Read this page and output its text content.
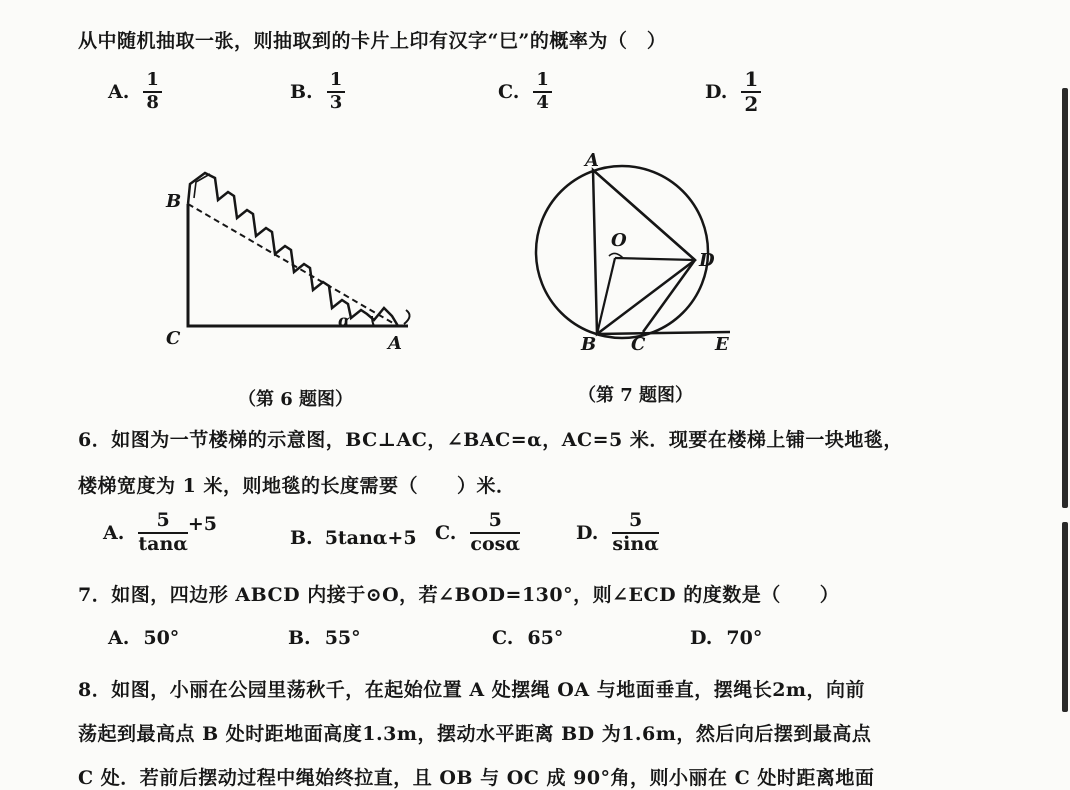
从中随机抽取一张，则抽取到的卡片上印有汉字“巳”的概率为（　）
A. $\frac{1}{8}$	B. $\frac{1}{3}$	C. $\frac{1}{4}$	D. $\frac{1}{2}$
B
C	A
α
A
O
D
B C	E
（第 6 题图）	（第 7 题图）
6．如图为一节楼梯的示意图，BC⊥AC，∠BAC=α，AC=5 米．现要在楼梯上铺一块地毯，
楼梯宽度为 1 米，则地毯的长度需要（　　）米．
A. $\frac{5}{\tan\alpha} +5$
B. 5tanα+5 C. $\frac{5}{\cos\alpha}$	D. $\frac{5}{\sin\alpha}$
7．如图，四边形 ABCD 内接于⊙O，若∠BOD=130°，则∠ECD 的度数是（　　）
A. 50°	B. 55°	C. 65°	D. 70°
8．如图，小丽在公园里荡秋千，在起始位置 A 处摆绳 OA 与地面垂直，摆绳长2m，向前
荡起到最高点 B 处时距地面高度1.3m，摆动水平距离 BD 为1.6m，然后向后摆到最高点
C 处．若前后摆动过程中绳始终拉直，且 OB 与 OC 成 90°角，则小丽在 C 处时距离地面
